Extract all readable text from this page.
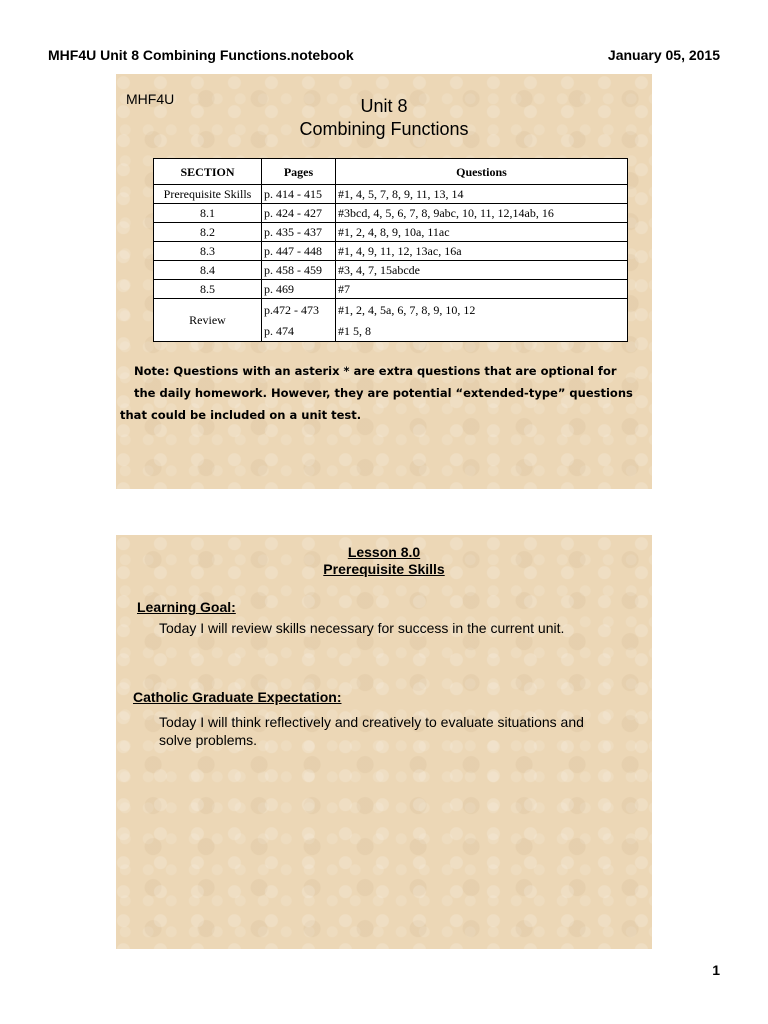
MHF4U Unit 8 Combining Functions.notebook	January 05, 2015
MHF4U	Unit 8
Combining Functions
SECTION	Pages	Questions
Prerequisite Skills	p. 414 - 415	#1, 4, 5, 7, 8, 9, 11, 13, 14
8.1	p. 424 - 427	#3bcd, 4, 5, 6, 7, 8, 9abc, 10, 11, 12,14ab, 16
8.2	p. 435 - 437	#1, 2, 4, 8, 9, 10a, 11ac
8.3	p. 447 - 448	#1, 4, 9, 11, 12, 13ac, 16a
8.4	p. 458 - 459	#3, 4, 7, 15abcde
8.5	p. 469	#7
Review	p.472 - 473	#1, 2, 4, 5a, 6, 7, 8, 9, 10, 12
	p. 474	#1 5, 8
Note: Questions with an asterix * are extra questions that are optional for
the daily homework. However, they are potential “extended-type” questions
that could be included on a unit test.
Lesson 8.0
Prerequisite Skills
Learning Goal:
Today I will review skills necessary for success in the current unit.
Catholic Graduate Expectation:
Today I will think reflectively and creatively to evaluate situations and
solve problems.
1
